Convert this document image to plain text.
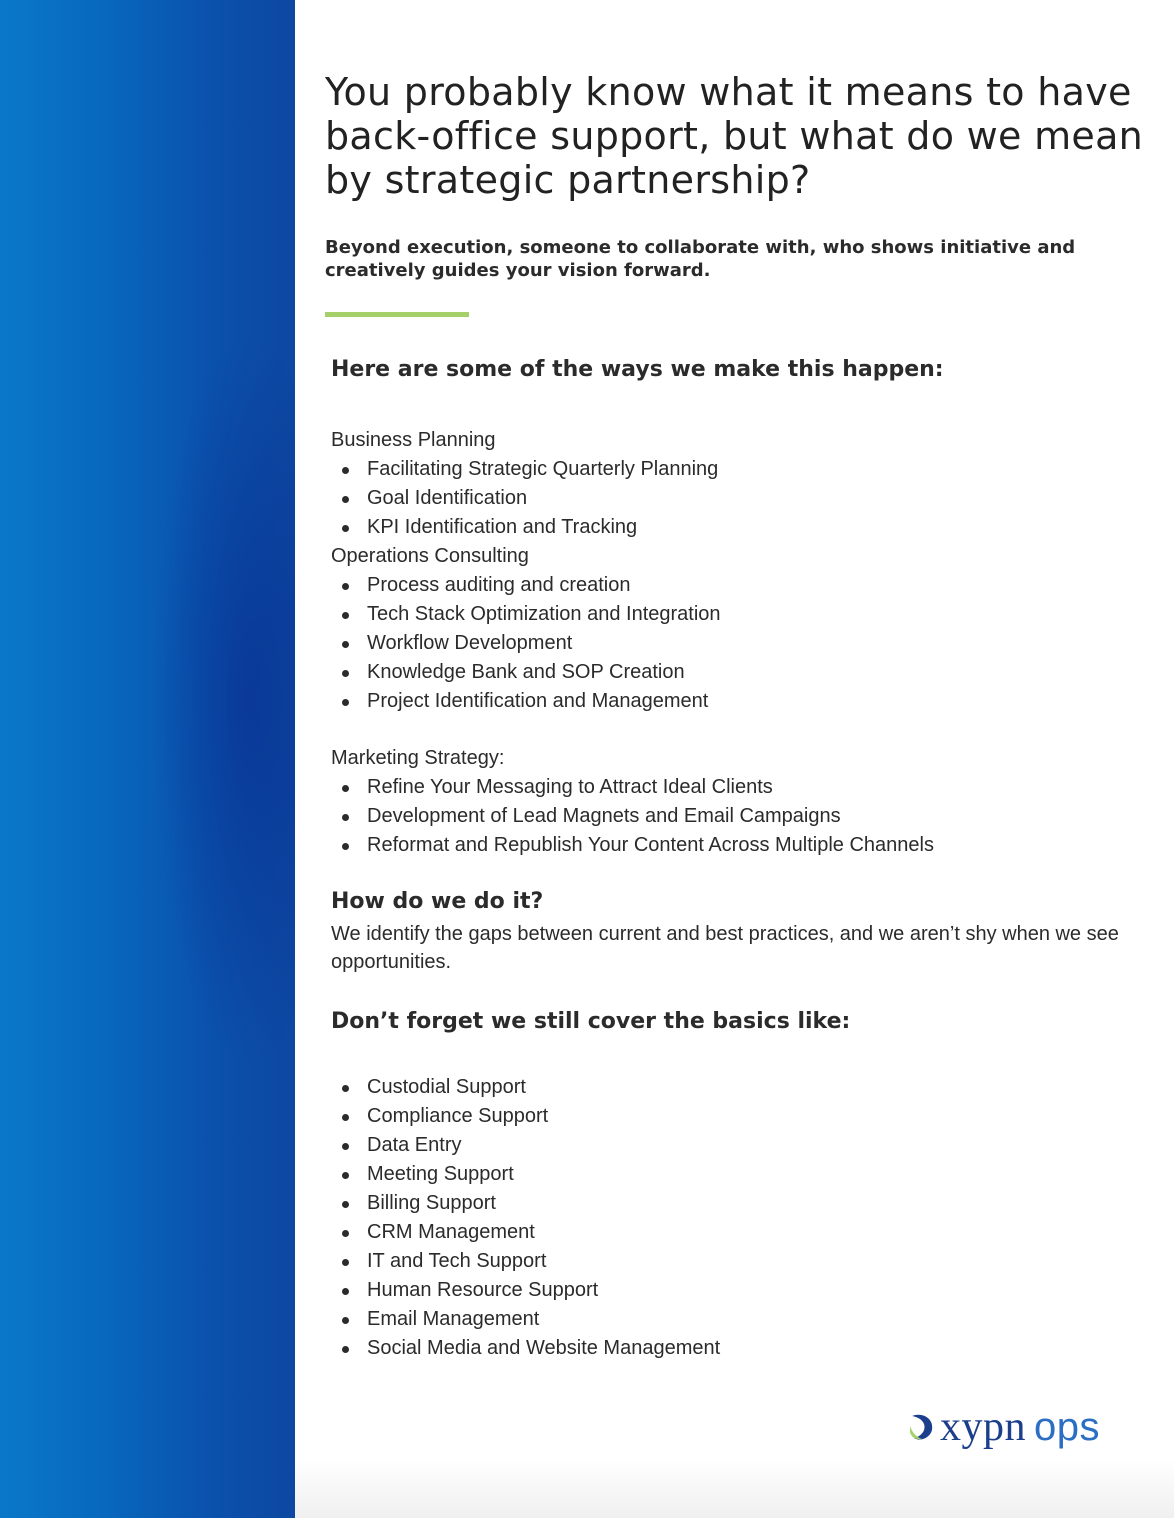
You probably know what it means to have back-office support, but what do we mean by strategic partnership?

Beyond execution, someone to collaborate with, who shows initiative and creatively guides your vision forward.

Here are some of the ways we make this happen:

Business Planning

Facilitating Strategic Quarterly Planning
Goal Identification
KPI Identification and Tracking

Operations Consulting

Process auditing and creation
Tech Stack Optimization and Integration
Workflow Development
Knowledge Bank and SOP Creation
Project Identification and Management

Marketing Strategy:

Refine Your Messaging to Attract Ideal Clients
Development of Lead Magnets and Email Campaigns
Reformat and Republish Your Content Across Multiple Channels
How do we do it?

We identify the gaps between current and best practices, and we aren’t shy when we see opportunities.

Don’t forget we still cover the basics like:
Custodial Support
Compliance Support
Data Entry
Meeting Support
Billing Support
CRM Management
IT and Tech Support
Human Resource Support
Email Management
Social Media and Website Management
xypn ops
